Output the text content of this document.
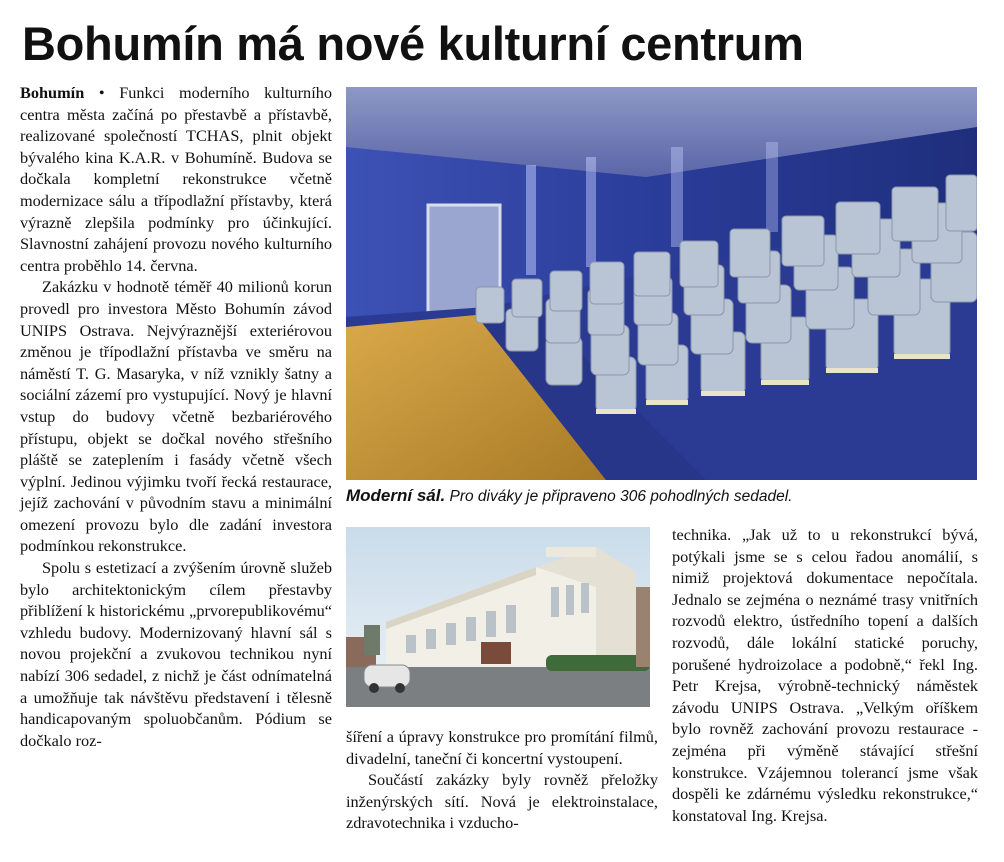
Bohumín má nové kulturní centrum

Bohumín • Funkci moderního kulturního centra města začíná po přestavbě a přístavbě, realizované společností TCHAS, plnit objekt bývalého kina K.A.R. v Bohumíně. Budova se dočkala kompletní rekonstrukce včetně modernizace sálu a třípodlažní přístavby, která výrazně zlepšila podmínky pro účinkující. Slavnostní zahájení provozu nového kulturního centra proběhlo 14. června.

Zakázku v hodnotě téměř 40 milionů korun provedl pro investora Město Bohumín závod UNIPS Ostrava. Nejvýraznější exteriérovou změnou je třípodlažní přístavba ve směru na náměstí T. G. Masaryka, v níž vznikly šatny a sociální zázemí pro vystupující. Nový je hlavní vstup do budovy včetně bezbariérového přístupu, objekt se dočkal nového střešního pláště se zateplením i fasády včetně všech výplní. Jedinou výjimku tvoří řecká restaurace, jejíž zachování v původním stavu a minimální omezení provozu bylo dle zadání investora podmínkou rekonstrukce.

Spolu s estetizací a zvýšením úrovně služeb bylo architektonickým cílem přestavby přiblížení k historickému „prvorepublikovému“ vzhledu budovy. Modernizovaný hlavní sál s novou projekční a zvukovou technikou nyní nabízí 306 sedadel, z nichž je část odnímatelná a umožňuje tak návštěvu představení i tělesně handicapovaným spoluobčanům. Pódium se dočkalo roz-

Moderní sál. Pro diváky je připraveno 306 pohodlných sedadel.

šíření a úpravy konstrukce pro promítání filmů, divadelní, taneční či koncertní vystoupení.

Součástí zakázky byly rovněž přeložky inženýrských sítí. Nová je elektroinstalace, zdravotechnika i vzducho-

technika. „Jak už to u rekonstrukcí bývá, potýkali jsme se s celou řadou anomálií, s nimiž projektová dokumentace nepočítala. Jednalo se zejména o neznámé trasy vnitřních rozvodů elektro, ústředního topení a dalších rozvodů, dále lokální statické poruchy, porušené hydroizolace a podobně,“ řekl Ing. Petr Krejsa, výrobně-technický náměstek závodu UNIPS Ostrava. „Velkým oříškem bylo rovněž zachování provozu restaurace - zejména při výměně stávající střešní konstrukce. Vzájemnou tolerancí jsme však dospěli ke zdárnému výsledku rekonstrukce,“ konstatoval Ing. Krejsa.
